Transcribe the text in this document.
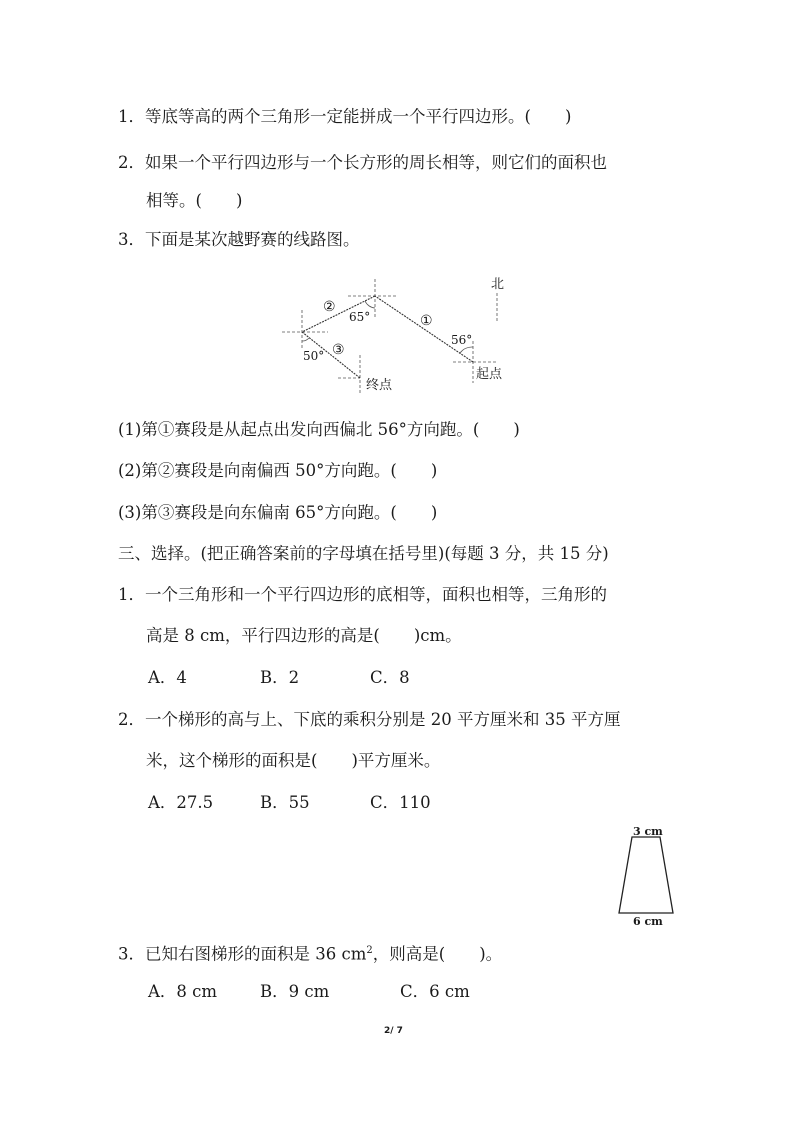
1．等底等高的两个三角形一定能拼成一个平行四边形。( )
2．如果一个平行四边形与一个长方形的周长相等，则它们的面积也
相等。( )
3．下面是某次越野赛的线路图。
北
①
②
③
56°
65°
50°
起点
终点
(1)第①赛段是从起点出发向西偏北 56°方向跑。( )
(2)第②赛段是向南偏西 50°方向跑。( )
(3)第③赛段是向东偏南 65°方向跑。( )
三、选择。(把正确答案前的字母填在括号里)(每题 3 分，共 15 分)
1．一个三角形和一个平行四边形的底相等，面积也相等，三角形的
高是 8 cm，平行四边形的高是( )cm。
A．4	B．2	C．8
2．一个梯形的高与上、下底的乘积分别是 20 平方厘米和 35 平方厘
米，这个梯形的面积是( )平方厘米。
A．27.5	B．55	C．110
3 cm
6 cm
3．已知右图梯形的面积是 36 $cm^2$，则高是( )。
A．8 cm	B．9 cm	C．6 cm
2/ 7
